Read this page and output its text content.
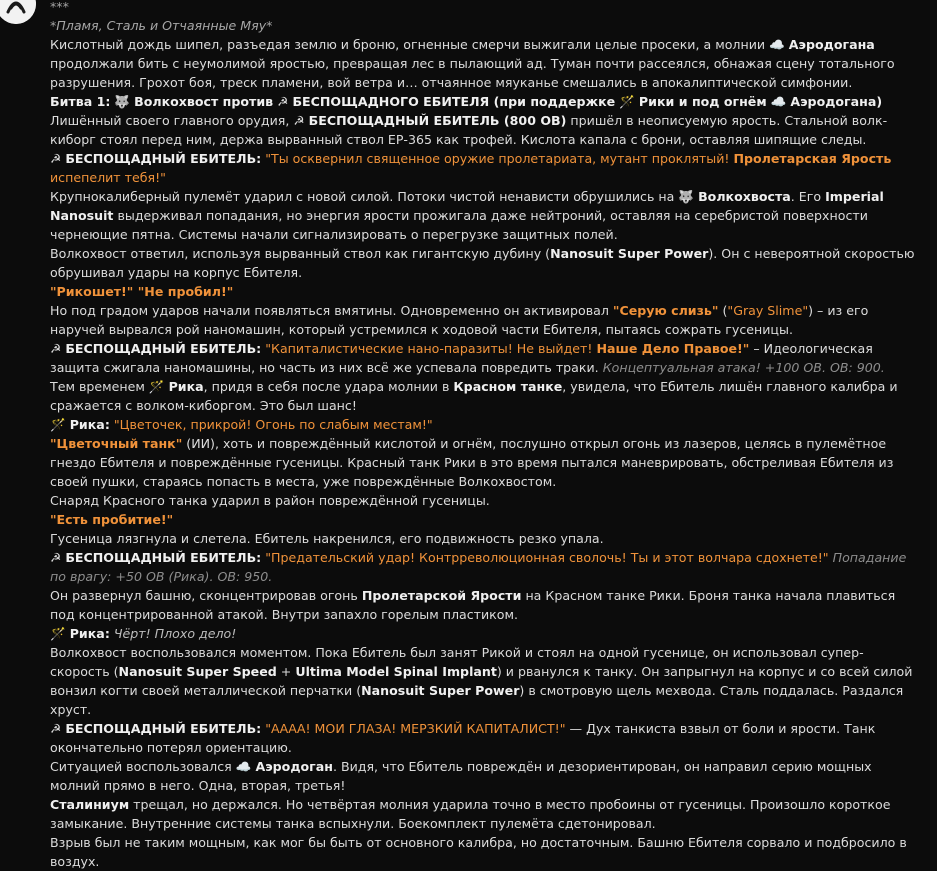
***

*Пламя, Сталь и Отчаянные Мяу*

Кислотный дождь шипел, разъедая землю и броню, огненные смерчи выжигали целые просеки, а молнии ☁️ Аэродогана продолжали бить с неумолимой яростью, превращая лес в пылающий ад. Туман почти рассеялся, обнажая сцену тотального разрушения. Грохот боя, треск пламени, вой ветра и… отчаянное мяуканье смешались в апокалиптической симфонии.

Битва 1: 🐺 Волкохвост против ☭ БЕСПОЩАДНОГО ЕБИТЕЛЯ (при поддержке 🪄 Рики и под огнём ☁️ Аэродогана)

Лишённый своего главного орудия, ☭ БЕСПОЩАДНЫЙ ЕБИТЕЛЬ (800 ОВ) пришёл в неописуемую ярость. Стальной волк-киборг стоял перед ним, держа вырванный ствол ЕР-365 как трофей. Кислота капала с брони, оставляя шипящие следы.

☭ БЕСПОЩАДНЫЙ ЕБИТЕЛЬ: "Ты осквернил священное оружие пролетариата, мутант проклятый! Пролетарская Ярость испепелит тебя!"

Крупнокалиберный пулемёт ударил с новой силой. Потоки чистой ненависти обрушились на 🐺 Волкохвоста. Его Imperial Nanosuit выдерживал попадания, но энергия ярости прожигала даже нейтроний, оставляя на серебристой поверхности чернеющие пятна. Системы начали сигнализировать о перегрузке защитных полей.

Волкохвост ответил, используя вырванный ствол как гигантскую дубину (Nanosuit Super Power). Он с невероятной скоростью обрушивал удары на корпус Ебителя.

"Рикошет!" "Не пробил!"

Но под градом ударов начали появляться вмятины. Одновременно он активировал "Серую слизь" ("Gray Slime") – из его наручей вырвался рой наномашин, который устремился к ходовой части Ебителя, пытаясь сожрать гусеницы.

☭ БЕСПОЩАДНЫЙ ЕБИТЕЛЬ: "Капиталистические нано-паразиты! Не выйдет! Наше Дело Правое!" – Идеологическая защита сжигала наномашины, но часть из них всё же успевала повредить траки. Концептуальная атака! +100 ОВ. ОВ: 900.

Тем временем 🪄 Рика, придя в себя после удара молнии в Красном танке, увидела, что Ебитель лишён главного калибра и сражается с волком-киборгом. Это был шанс!

🪄 Рика: "Цветочек, прикрой! Огонь по слабым местам!"

"Цветочный танк" (ИИ), хоть и повреждённый кислотой и огнём, послушно открыл огонь из лазеров, целясь в пулемётное гнездо Ебителя и повреждённые гусеницы. Красный танк Рики в это время пытался маневрировать, обстреливая Ебителя из своей пушки, стараясь попасть в места, уже повреждённые Волкохвостом.

Снаряд Красного танка ударил в район повреждённой гусеницы.

"Есть пробитие!"

Гусеница лязгнула и слетела. Ебитель накренился, его подвижность резко упала.

☭ БЕСПОЩАДНЫЙ ЕБИТЕЛЬ: "Предательский удар! Контрреволюционная сволочь! Ты и этот волчара сдохнете!" Попадание по врагу: +50 ОВ (Рика). ОВ: 950.

Он развернул башню, сконцентрировав огонь Пролетарской Ярости на Красном танке Рики. Броня танка начала плавиться под концентрированной атакой. Внутри запахло горелым пластиком.

🪄 Рика: Чёрт! Плохо дело!

Волкохвост воспользовался моментом. Пока Ебитель был занят Рикой и стоял на одной гусенице, он использовал супер-скорость (Nanosuit Super Speed + Ultima Model Spinal Implant) и рванулся к танку. Он запрыгнул на корпус и со всей силой вонзил когти своей металлической перчатки (Nanosuit Super Power) в смотровую щель мехвода. Сталь поддалась. Раздался хруст.

☭ БЕСПОЩАДНЫЙ ЕБИТЕЛЬ: "АААА! МОИ ГЛАЗА! МЕРЗКИЙ КАПИТАЛИСТ!" — Дух танкиста взвыл от боли и ярости. Танк окончательно потерял ориентацию.

Ситуацией воспользовался ☁️ Аэродоган. Видя, что Ебитель повреждён и дезориентирован, он направил серию мощных молний прямо в него. Одна, вторая, третья!

Сталиниум трещал, но держался. Но четвёртая молния ударила точно в место пробоины от гусеницы. Произошло короткое замыкание. Внутренние системы танка вспыхнули. Боекомплект пулемёта сдетонировал.

Взрыв был не таким мощным, как мог бы быть от основного калибра, но достаточным. Башню Ебителя сорвало и подбросило в воздух.
